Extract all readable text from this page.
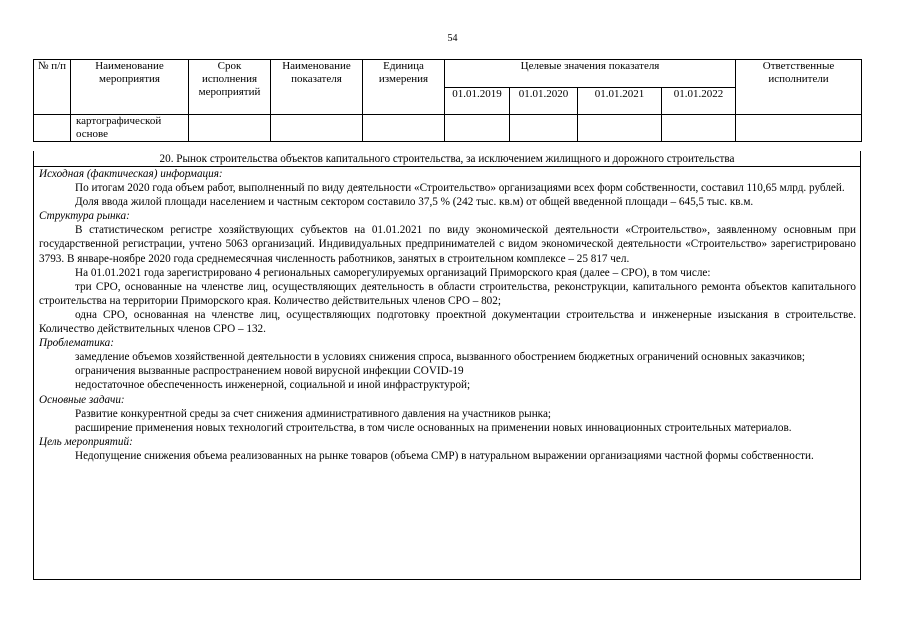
54
№ п/п	Наименование мероприятия	Срок исполнения мероприятий	Наименование показателя	Единица измерения	Целевые значения показателя				Ответственные исполнители
					01.01.2019	01.01.2020	01.01.2021	01.01.2022	
	картографической основе								
20. Рынок строительства объектов капитального строительства, за исключением жилищного и дорожного строительства
Исходная (фактическая) информация:
По итогам 2020 года объем работ, выполненный по виду деятельности «Строительство» организациями всех форм собственности, составил 110,65 млрд. рублей.
Доля ввода жилой площади населением и частным сектором составило 37,5 % (242 тыс. кв.м) от общей введенной площади – 645,5 тыс. кв.м.
Структура рынка:
В статистическом регистре хозяйствующих субъектов на 01.01.2021 по виду экономической деятельности «Строительство», заявленному основным при государственной регистрации, учтено 5063 организаций. Индивидуальных предпринимателей с видом экономической деятельности «Строительство» зарегистрировано 3793. В январе-ноябре 2020 года среднемесячная численность работников, занятых в строительном комплексе – 25 817 чел.
На 01.01.2021 года зарегистрировано 4 региональных саморегулируемых организаций Приморского края (далее – СРО), в том числе:
три СРО, основанные на членстве лиц, осуществляющих деятельность в области строительства, реконструкции, капитального ремонта объектов капитального строительства на территории Приморского края. Количество действительных членов СРО – 802;
одна СРО, основанная на членстве лиц, осуществляющих подготовку проектной документации строительства и инженерные изыскания в строительстве. Количество действительных членов СРО – 132.
Проблематика:
замедление объемов хозяйственной деятельности в условиях снижения спроса, вызванного обострением бюджетных ограничений основных заказчиков;
ограничения вызванные распространением новой вирусной инфекции COVID-19
недостаточное обеспеченность инженерной, социальной и иной инфраструктурой;
Основные задачи:
Развитие конкурентной среды за счет снижения административного давления на участников рынка;
расширение применения новых технологий строительства, в том числе основанных на применении новых инновационных строительных материалов.
Цель мероприятий:
Недопущение снижения объема реализованных на рынке товаров (объема СМР) в натуральном выражении организациями частной формы собственности.
